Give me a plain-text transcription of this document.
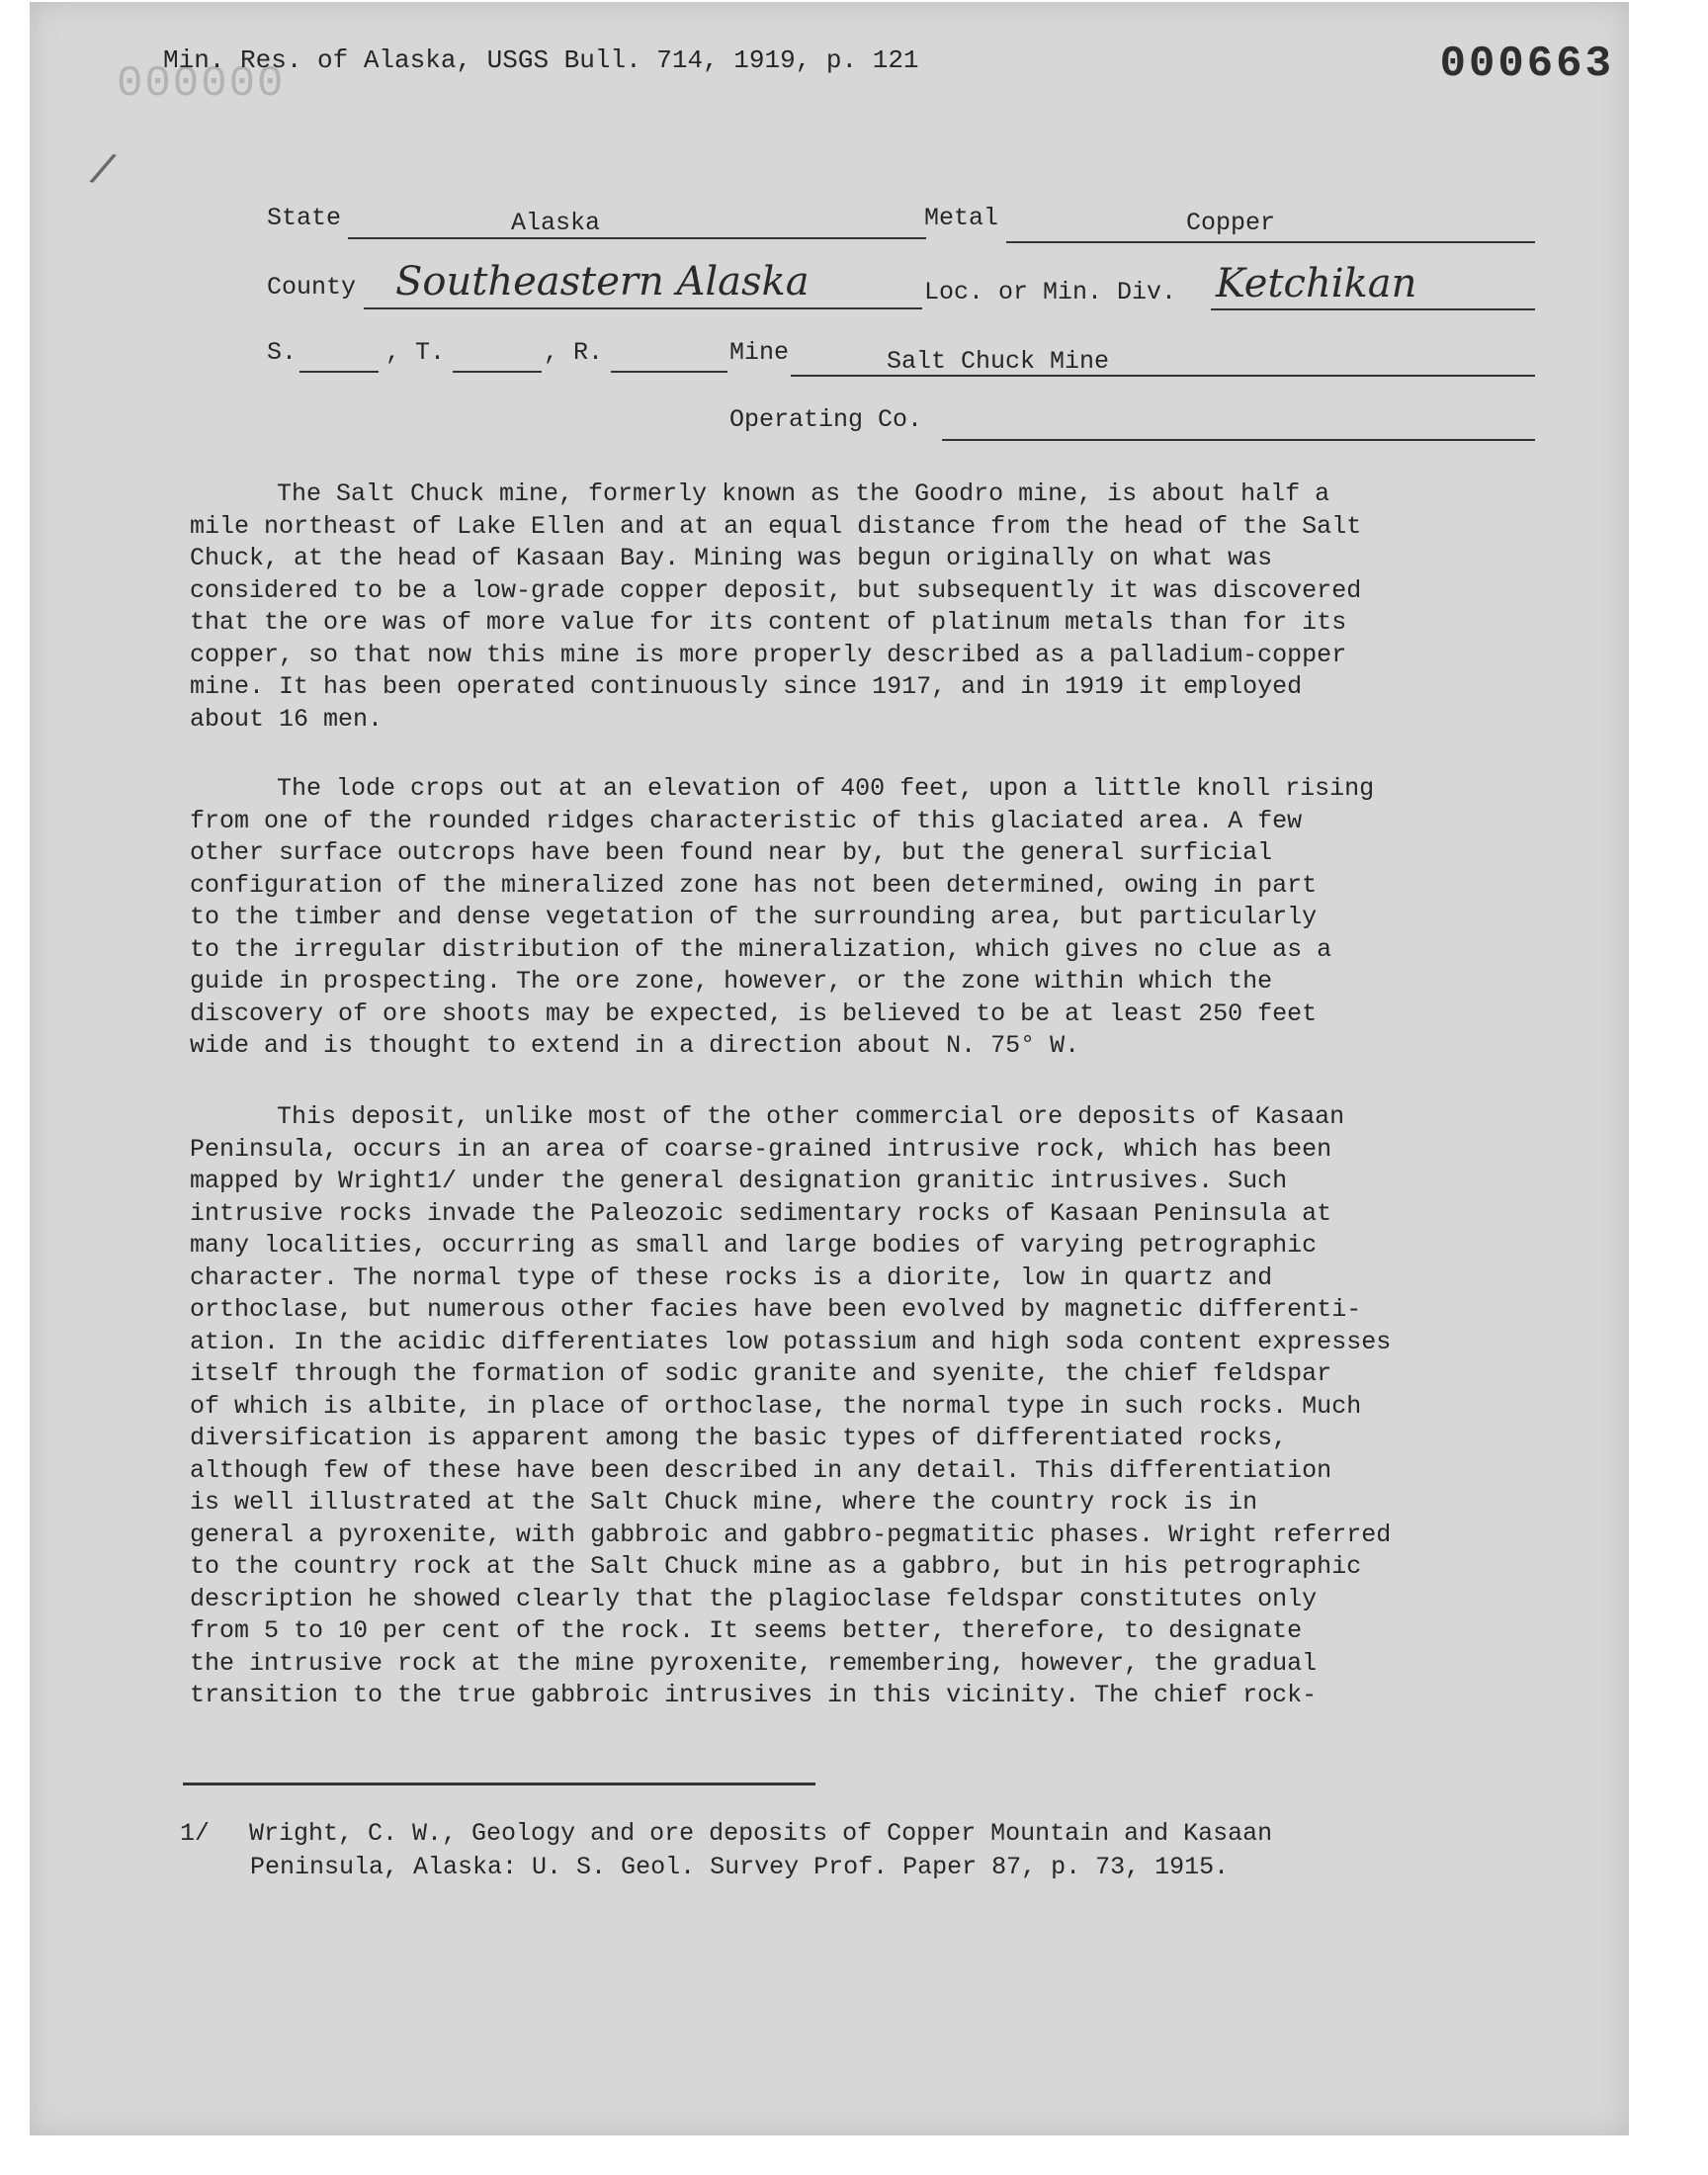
000000
Min. Res. of Alaska, USGS Bull. 714, 1919, p. 121	000663
/
State	Alaska	Metal	Copper
County Southeastern Alaska	Loc. or Min. Div. Ketchikan
S.	, T.	, R.	Mine	Salt Chuck Mine
Operating Co.
The Salt Chuck mine, formerly known as the Goodro mine, is about half a
mile northeast of Lake Ellen and at an equal distance from the head of the Salt
Chuck, at the head of Kasaan Bay. Mining was begun originally on what was
considered to be a low-grade copper deposit, but subsequently it was discovered
that the ore was of more value for its content of platinum metals than for its
copper, so that now this mine is more properly described as a palladium-copper
mine. It has been operated continuously since 1917, and in 1919 it employed
about 16 men.
The lode crops out at an elevation of 400 feet, upon a little knoll rising
from one of the rounded ridges characteristic of this glaciated area. A few
other surface outcrops have been found near by, but the general surficial
configuration of the mineralized zone has not been determined, owing in part
to the timber and dense vegetation of the surrounding area, but particularly
to the irregular distribution of the mineralization, which gives no clue as a
guide in prospecting. The ore zone, however, or the zone within which the
discovery of ore shoots may be expected, is believed to be at least 250 feet
wide and is thought to extend in a direction about N. 75° W.
This deposit, unlike most of the other commercial ore deposits of Kasaan
Peninsula, occurs in an area of coarse-grained intrusive rock, which has been
mapped by Wright1/ under the general designation granitic intrusives. Such
intrusive rocks invade the Paleozoic sedimentary rocks of Kasaan Peninsula at
many localities, occurring as small and large bodies of varying petrographic
character. The normal type of these rocks is a diorite, low in quartz and
orthoclase, but numerous other facies have been evolved by magnetic differenti-
ation. In the acidic differentiates low potassium and high soda content expresses
itself through the formation of sodic granite and syenite, the chief feldspar
of which is albite, in place of orthoclase, the normal type in such rocks. Much
diversification is apparent among the basic types of differentiated rocks,
although few of these have been described in any detail. This differentiation
is well illustrated at the Salt Chuck mine, where the country rock is in
general a pyroxenite, with gabbroic and gabbro-pegmatitic phases. Wright referred
to the country rock at the Salt Chuck mine as a gabbro, but in his petrographic
description he showed clearly that the plagioclase feldspar constitutes only
from 5 to 10 per cent of the rock. It seems better, therefore, to designate
the intrusive rock at the mine pyroxenite, remembering, however, the gradual
transition to the true gabbroic intrusives in this vicinity. The chief rock-
1/ Wright, C. W., Geology and ore deposits of Copper Mountain and Kasaan
Peninsula, Alaska: U. S. Geol. Survey Prof. Paper 87, p. 73, 1915.
